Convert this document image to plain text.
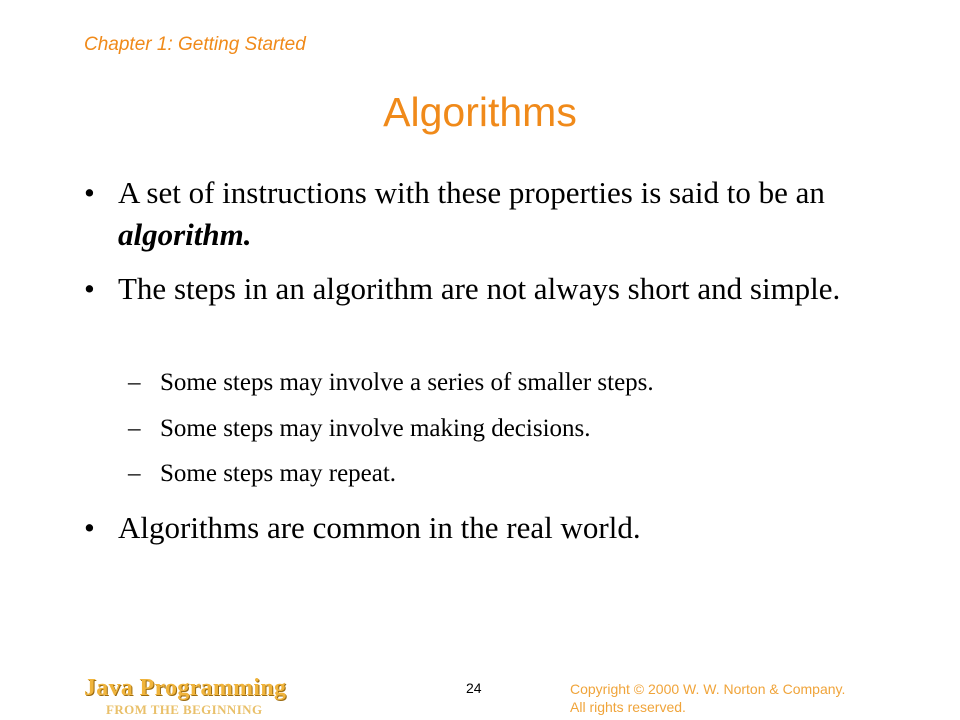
Chapter 1: Getting Started
Algorithms
• A set of instructions with these properties is said to be an algorithm.
• The steps in an algorithm are not always short and simple.
– Some steps may involve a series of smaller steps.
– Some steps may involve making decisions.
– Some steps may repeat.
• Algorithms are common in the real world.
Java Programming
FROM THE BEGINNING
24	Copyright © 2000 W. W. Norton & Company.
All rights reserved.
